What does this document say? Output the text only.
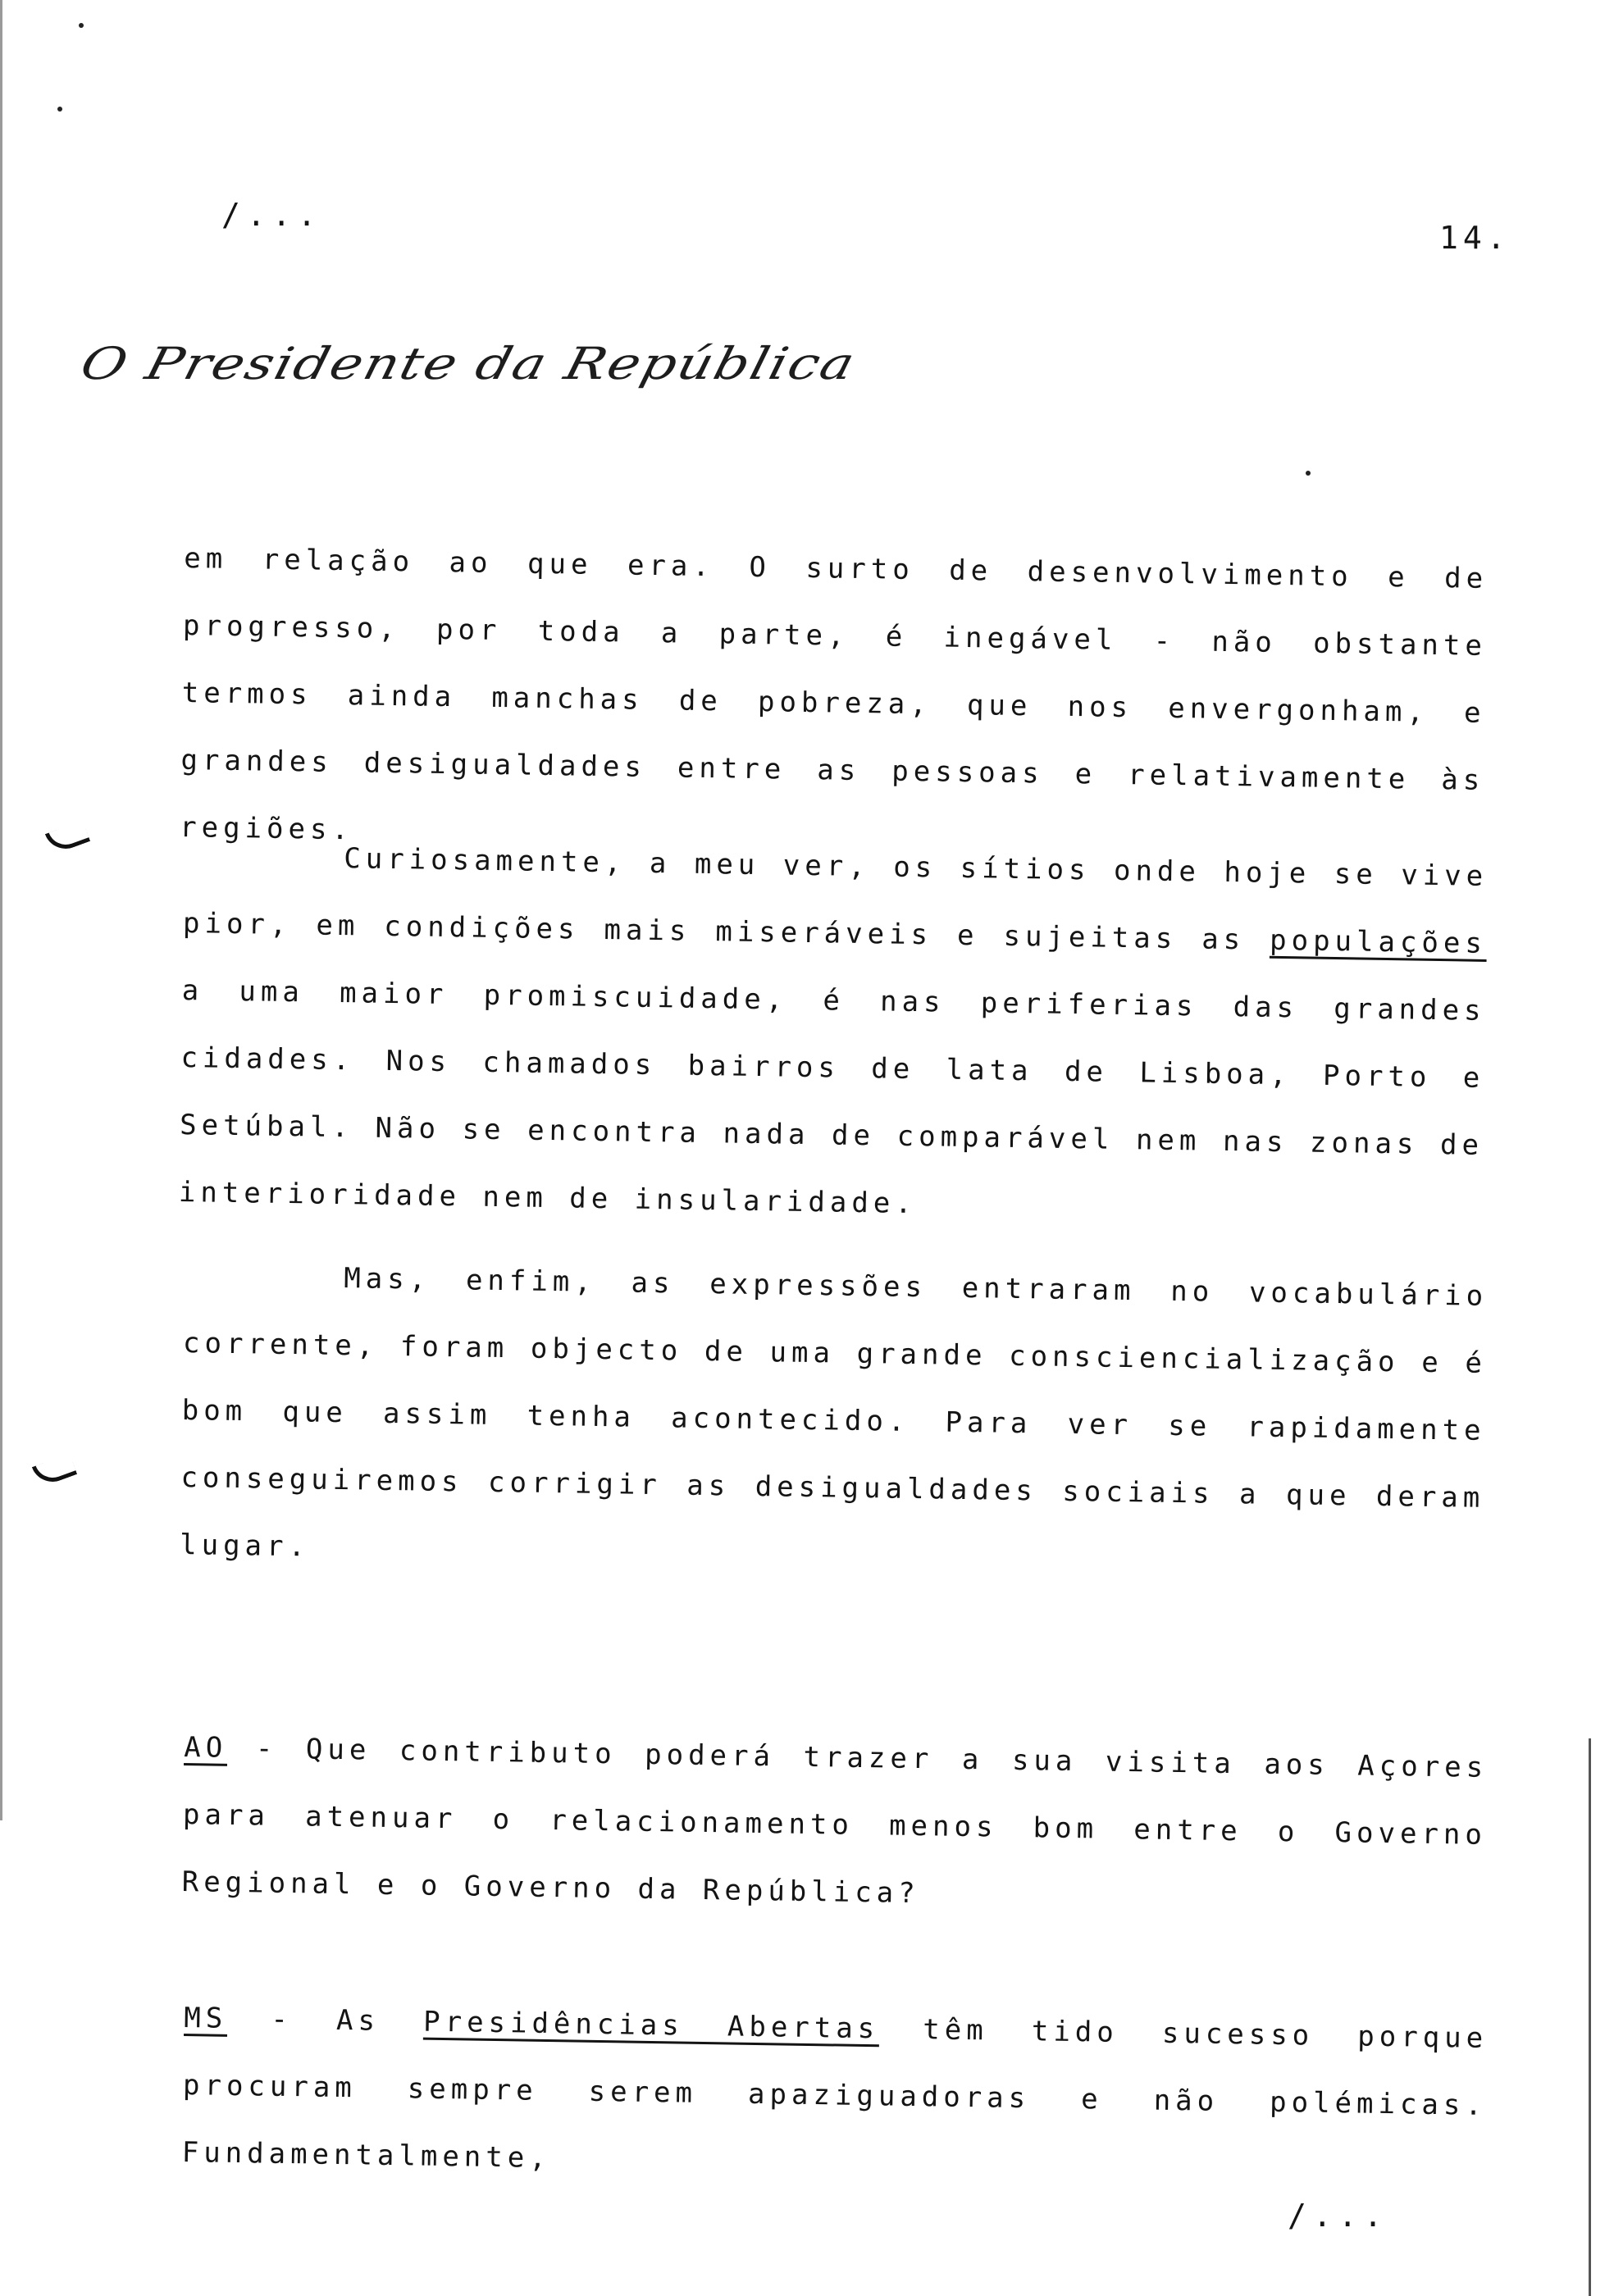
/...
14.
O Presidente da República

em relação ao que era. O surto de desenvolvimento e de progresso, por toda a parte, é inegável - não obstante termos ainda manchas de pobreza, que nos envergonham, e grandes desigualdades entre as pessoas e relativamente às regiões.

Curiosamente, a meu ver, os sítios onde hoje se vive pior, em condições mais miseráveis e sujeitas as populações a uma maior promiscuidade, é nas periferias das grandes cidades. Nos chamados bairros de lata de Lisboa, Porto e Setúbal. Não se encontra nada de comparável nem nas zonas de interioridade nem de insularidade.

Mas, enfim, as expressões entraram no vocabulário corrente, foram objecto de uma grande consciencialização e é bom que assim tenha acontecido. Para ver se rapidamente conseguiremos corrigir as desigualdades sociais a que deram lugar.

AO - Que contributo poderá trazer a sua visita aos Açores para atenuar o relacionamento menos bom entre o Governo Regional e o Governo da República?

MS - As Presidências Abertas têm tido sucesso porque procuram sempre serem apaziguadoras e não polémicas. Fundamentalmente,

/...
